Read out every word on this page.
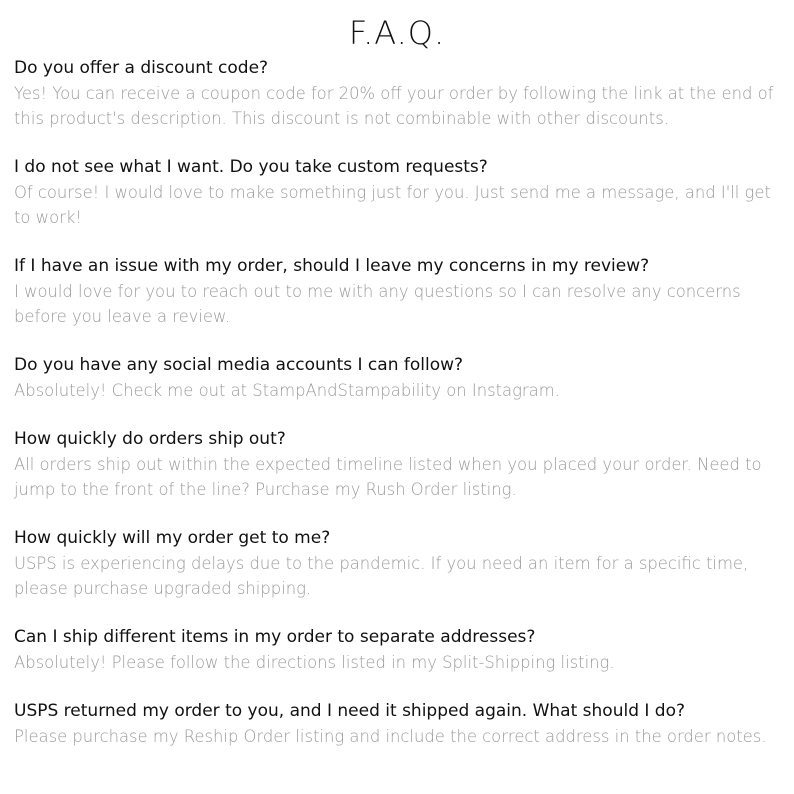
F.A.Q.

Do you offer a discount code?

Yes! You can receive a coupon code for 20% off your order by following the link at the end of this product's description. This discount is not combinable with other discounts.

I do not see what I want. Do you take custom requests?

Of course! I would love to make something just for you. Just send me a message, and I'll get to work!

If I have an issue with my order, should I leave my concerns in my review?

I would love for you to reach out to me with any questions so I can resolve any concerns before you leave a review.

Do you have any social media accounts I can follow?

Absolutely! Check me out at StampAndStampability on Instagram.

How quickly do orders ship out?

All orders ship out within the expected timeline listed when you placed your order. Need to jump to the front of the line? Purchase my Rush Order listing.

How quickly will my order get to me?

USPS is experiencing delays due to the pandemic. If you need an item for a specific time, please purchase upgraded shipping.

Can I ship different items in my order to separate addresses?

Absolutely! Please follow the directions listed in my Split-Shipping listing.

USPS returned my order to you, and I need it shipped again. What should I do?

Please purchase my Reship Order listing and include the correct address in the order notes.
